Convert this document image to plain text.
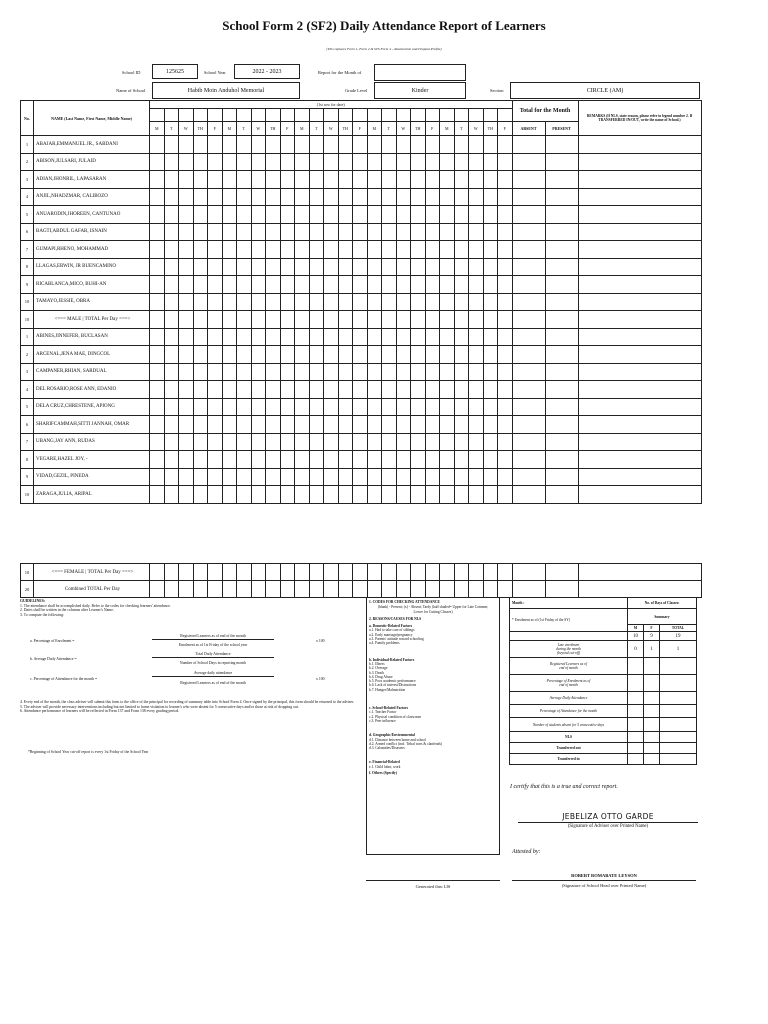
School Form 2 (SF2) Daily Attendance Report of Learners
(This replaces Form 1, Form 2 & STS Form 4 - Absenteeism and Dropout Profile)
School ID	125625	School Year	2022 - 2023	Report for the Month of
Name of School	Habib Moin Anduhol Memorial	Grade Level	Kinder	Section	CIRCLE (AM)
No.	NAME (Last Name, First Name, Middle Name)	(1st row for date)																									Total for the Month		REMARKS (If NLS, state reason, please refer to legend number 2. If TRANSFERRED IN/OUT, write the name of School.)

		M	T	W	TH	F	M	T	W	TH	F	M	T	W	TH	F	M	T	W	TH	F	M	T	W	TH	F	ABSENT	PRESENT	
1	ABAJAR,EMMANUEL JR., SABDANI																												
2	ABISON,JULSARI, JULAID																												
3	ADIAN,JHONRIL, LAPASARAN																												
4	ANJIL,NHADZMAR, CALIBOZO																												
5	ANUARODIN,JHOREEN, CANTUNAO																												
6	BAGTI,ABDUL GAFAR, ISNAIN																												
7	GUMAPI,RHENO, MOHAMMAD																												
8	LLAGAS,ERWIN, JR BUENCAMINO																												
9	RICABLANCA,MICO, BUHI-AN																												
10	TAMAYO,JESSIE, OBRA																												
10	<=== MALE | TOTAL Per Day ===>																												
1	ABINES,JINNEFER, BUCLASAN																												
2	ARCENAL,JENA MAE, DINGCOL																												
3	CAMPANER,RHIAN, SARDUAL																												
4	DEL ROSARIO,ROSE ANN, EDANIO																												
5	DELA CRUZ,CHRESTENE, APIONG																												
6	SHARIFCAMMAH,SITTI JANNAH, OMAR																												
7	UBANG,JAY ANN, RUDAS																												
8	VEGARE,HAZEL JOY, -																												
9	VIDAD,GEZIL, PINEDA																												
10	ZARAGA,JULIA, ARIPAL																												
10	<=== FEMALE | TOTAL Per Day ===>																												
20	Combined TOTAL Per Day																												
GUIDELINES:
1. The attendance shall be accomplished daily. Refer to the codes for checking learners' attendance.
2. Dates shall be written in the columns after Learner's Name.
3. To compute the following:
a. Percentage of Enrolment =
Registered Learners as of end of the month
Enrolment as of 1st Friday of the school year
x 100
b. Average Daily Attendance =
Total Daily Attendance
Number of School Days in reporting month
c. Percentage of Attendance for the month =
Average daily attendance
Registered Learners as of end of the month
x 100
4. Every end of the month, the class adviser will submit this form to the office of the principal for recording of summary table into School Form 4. Once signed by the principal, this form should be returned to the adviser.
5. The adviser will provide necessary interventions including but not limited to home visitation to learner's who were absent for 5 consecutive days and/or those at risk of dropping out.
6. Attendance performance of learners will be reflected in Form 137 and Form 138 every grading period.
*Beginning of School Year cut-off report is every 1st Friday of the School Year
1. CODES FOR CHECKING ATTENDANCE
(blank) - Present; (x) - Absent; Tardy (half shaded= Upper for Late Commer, Lower for Cutting Classes)
2. REASONS/CAUSES FOR NLS
a. Domestic-Related Factors
a.1. Had to take care of siblings
a.2. Early marriage/pregnancy
a.3. Parents' attitude toward schooling
a.4. Family problems
b. Individual-Related Factors
b.1. Illness
b.2. Overage
b.3. Death
b.4. Drug Abuse
b.5. Poor academic performance
b.6. Lack of interest/Distractions
b.7. Hunger/Malnutrition
c. School-Related Factors
c.1. Teacher Factor
c.2. Physical condition of classroom
c.3. Peer influence
d. Geographic/Environmental
d.1. Distance between home and school
d.2. Armed conflict (incl. Tribal wars & clanfeuds)
d.3. Calamities/Disasters
e. Financial-Related
e.1. Child labor, work
f. Others (Specify)
Generated thru LIS
Month :	No. of Days of Classes:		
* Enrolment as of (1st Friday of the SY)	Summary		
	M	F	TOTAL
	10	9	19

Late enrolment
during the month
(beyond cut-off)	0	1	1

Registered Learners as of
end of month			

Percentage of Enrolment as of
end of month			

Average Daily Attendance			

Percentage of Attendance for the month			

Number of students absent for 5 consecutive days			

NLS			

Transferred out			

Transferred in			

I certify that this is a true and correct report.
JEBELIZA OTTO GARDE
(Signature of Adviser over Printed Name)
Attested by:
ROBERT ROMABATE LEYSON
(Signature of School Head over Printed Name)
